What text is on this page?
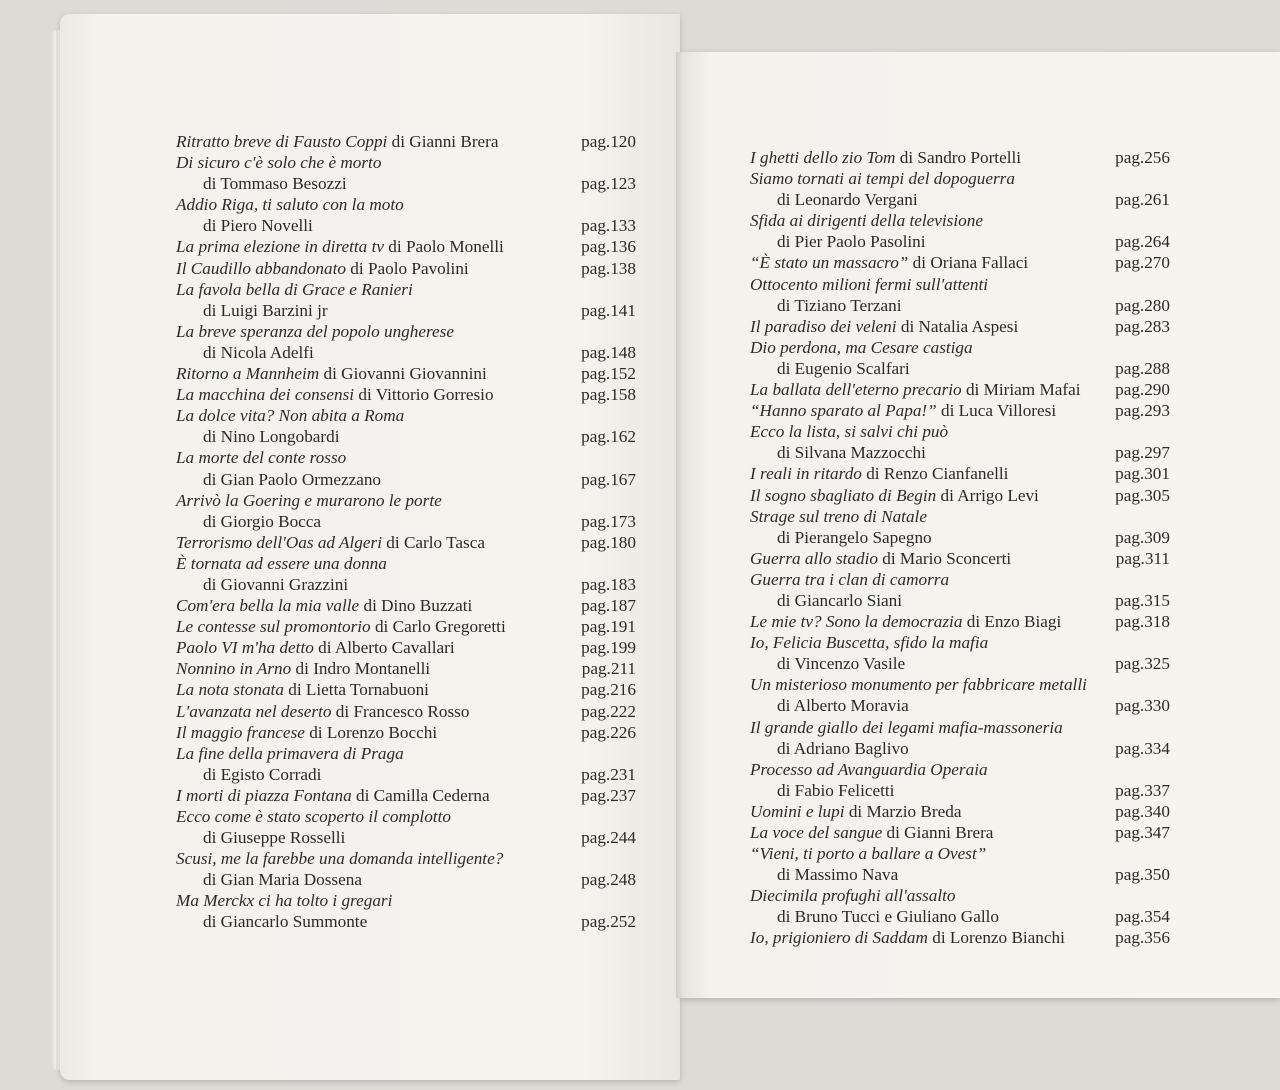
Ritratto breve di Fausto Coppi di Gianni Brera	pag.120
Di sicuro c'è solo che è morto
di Tommaso Besozzi	pag.123
Addio Riga, ti saluto con la moto
di Piero Novelli	pag.133
La prima elezione in diretta tv di Paolo Monelli	pag.136
Il Caudillo abbandonato di Paolo Pavolini	pag.138
La favola bella di Grace e Ranieri
di Luigi Barzini jr	pag.141
La breve speranza del popolo ungherese
di Nicola Adelfi	pag.148
Ritorno a Mannheim di Giovanni Giovannini	pag.152
La macchina dei consensi di Vittorio Gorresio	pag.158
La dolce vita? Non abita a Roma
di Nino Longobardi	pag.162
La morte del conte rosso
di Gian Paolo Ormezzano	pag.167
Arrivò la Goering e murarono le porte
di Giorgio Bocca	pag.173
Terrorismo dell'Oas ad Algeri di Carlo Tasca	pag.180
È tornata ad essere una donna
di Giovanni Grazzini	pag.183
Com'era bella la mia valle di Dino Buzzati	pag.187
Le contesse sul promontorio di Carlo Gregoretti	pag.191
Paolo VI m'ha detto di Alberto Cavallari	pag.199
Nonnino in Arno di Indro Montanelli	pag.211
La nota stonata di Lietta Tornabuoni	pag.216
L'avanzata nel deserto di Francesco Rosso	pag.222
Il maggio francese di Lorenzo Bocchi	pag.226
La fine della primavera di Praga
di Egisto Corradi	pag.231
I morti di piazza Fontana di Camilla Cederna	pag.237
Ecco come è stato scoperto il complotto
di Giuseppe Rosselli	pag.244
Scusi, me la farebbe una domanda intelligente?
di Gian Maria Dossena	pag.248
Ma Merckx ci ha tolto i gregari
di Giancarlo Summonte	pag.252
I ghetti dello zio Tom di Sandro Portelli	pag.256
Siamo tornati ai tempi del dopoguerra
di Leonardo Vergani	pag.261
Sfida ai dirigenti della televisione
di Pier Paolo Pasolini	pag.264
“È stato un massacro” di Oriana Fallaci	pag.270
Ottocento milioni fermi sull'attenti
di Tiziano Terzani	pag.280
Il paradiso dei veleni di Natalia Aspesi	pag.283
Dio perdona, ma Cesare castiga
di Eugenio Scalfari	pag.288
La ballata dell'eterno precario di Miriam Mafai pag.290
“Hanno sparato al Papa!” di Luca Villoresi	pag.293
Ecco la lista, si salvi chi può
di Silvana Mazzocchi	pag.297
I reali in ritardo di Renzo Cianfanelli	pag.301
Il sogno sbagliato di Begin di Arrigo Levi	pag.305
Strage sul treno di Natale
di Pierangelo Sapegno	pag.309
Guerra allo stadio di Mario Sconcerti	pag.311
Guerra tra i clan di camorra
di Giancarlo Siani	pag.315
Le mie tv? Sono la democrazia di Enzo Biagi	pag.318
Io, Felicia Buscetta, sfido la mafia
di Vincenzo Vasile	pag.325
Un misterioso monumento per fabbricare metalli
di Alberto Moravia	pag.330
Il grande giallo dei legami mafia-massoneria
di Adriano Baglivo	pag.334
Processo ad Avanguardia Operaia
di Fabio Felicetti	pag.337
Uomini e lupi di Marzio Breda	pag.340
La voce del sangue di Gianni Brera	pag.347
“Vieni, ti porto a ballare a Ovest”
di Massimo Nava	pag.350
Diecimila profughi all'assalto
di Bruno Tucci e Giuliano Gallo	pag.354
Io, prigioniero di Saddam di Lorenzo Bianchi	pag.356
